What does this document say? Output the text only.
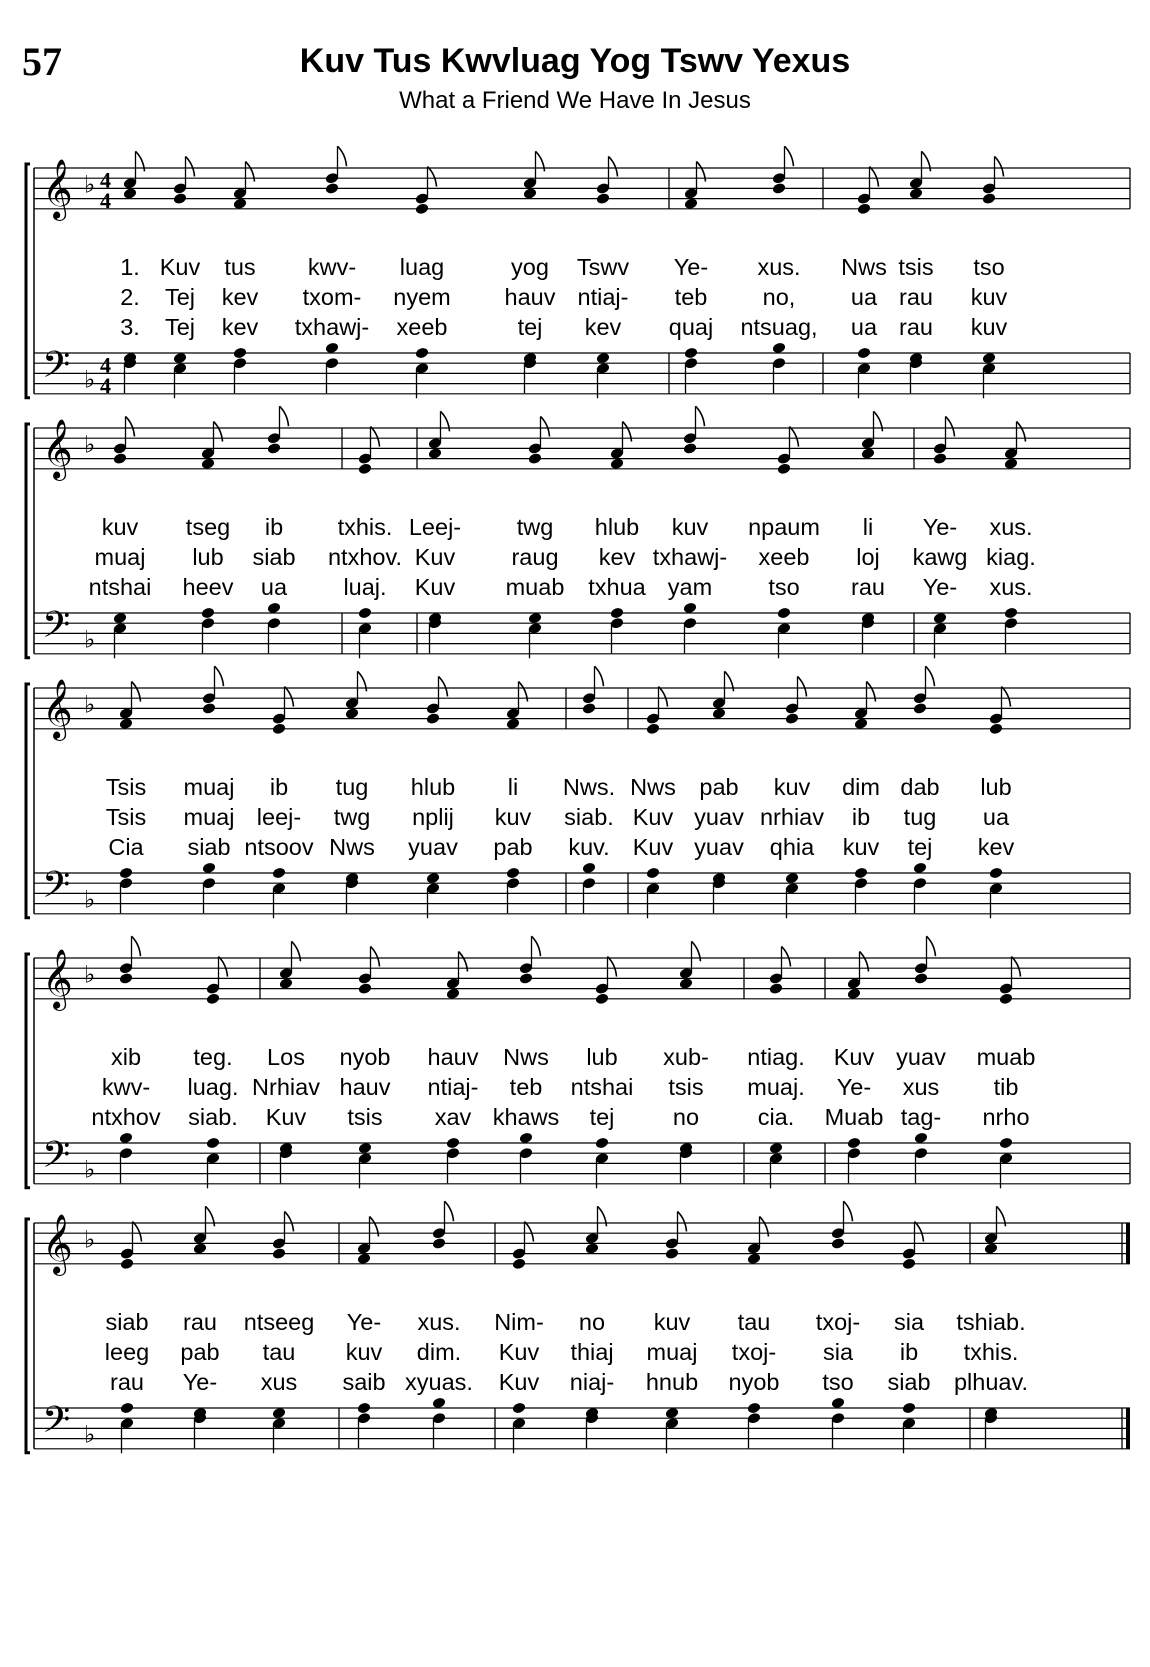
57	Kuv Tus Kwvluag Yog Tswv Yexus
What a Friend We Have In Jesus
𝄞
𝄢
♭
♭
4
4
4
4
1. Kuv tus kwv- luag	yog Tswv Ye- xus. Nws tsis tso
2. Tej kev txom- nyem hauv ntiaj- teb no, ua rau kuv
3. Tej kev txhawj- xeeb	tej kev quaj ntsuag, ua rau kuv
𝄞
𝄢
♭
♭
kuv tseg ib txhis. Leej- twg hlub kuv npaum li Ye- xus.
muaj lub siab ntxhov. Kuv raug kev txhawj- xeeb loj kawg kiag.
ntshai heev ua luaj. Kuv muab txhua yam tso rau Ye- xus.
𝄞
𝄢
♭
♭
Tsis muaj ib tug hlub li Nws. Nws pab kuv dim dab lub
Tsis muaj leej- twg nplij kuv siab. Kuv yuav nrhiav ib tug ua
Cia siab ntsoov Nws yuav pab kuv. Kuv yuav qhia kuv tej kev
𝄞
𝄢
♭
♭
xib teg. Los nyob hauv Nws lub xub- ntiag. Kuv yuav muab
kwv- luag. Nrhiav hauv ntiaj- teb ntshai tsis muaj. Ye- xus tib
ntxhov siab. Kuv tsis xav khaws tej no cia. Muab tag- nrho
𝄞
𝄢
♭
♭
siab rau ntseeg Ye- xus. Nim- no kuv tau txoj- sia tshiab.
leeg pab tau kuv dim. Kuv thiaj muaj txoj- sia ib txhis.
rau Ye- xus saib xyuas. Kuv niaj- hnub nyob tso siab plhuav.
